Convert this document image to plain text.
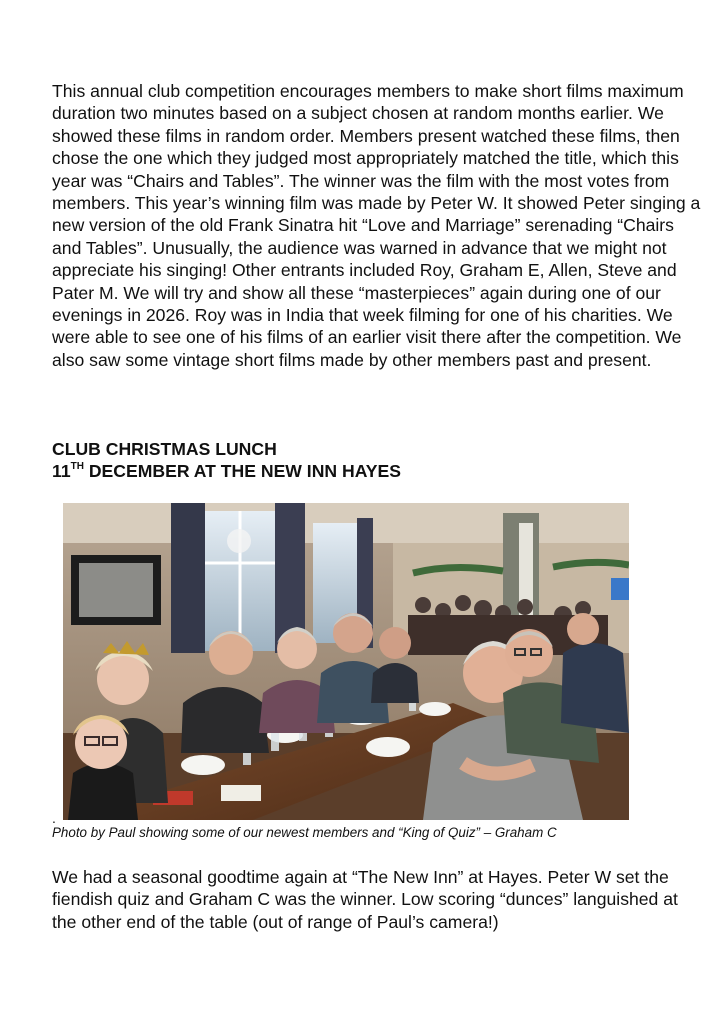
This annual club competition encourages members to make short films maximum duration two minutes based on a subject chosen at random months earlier. We showed these films in random order. Members present watched these films, then chose the one which they judged most appropriately matched the title, which this year was “Chairs and Tables”. The winner was the film with the most votes from members. This year’s winning film was made by Peter W. It showed Peter singing a new version of the old Frank Sinatra hit “Love and Marriage” serenading “Chairs and Tables”. Unusually, the audience was warned in advance that we might not appreciate his singing! Other entrants included Roy, Graham E, Allen, Steve and Pater M. We will try and show all these “masterpieces” again during one of our evenings in 2026. Roy was in India that week filming for one of his charities. We were able to see one of his films of an earlier visit there after the competition. We also saw some vintage short films made by other members past and present.

CLUB CHRISTMAS LUNCH
11TH DECEMBER AT THE NEW INN HAYES
.

Photo by Paul showing some of our newest members and “King of Quiz” – Graham C

We had a seasonal goodtime again at “The New Inn” at Hayes. Peter W set the fiendish quiz and Graham C was the winner. Low scoring “dunces” languished at the other end of the table (out of range of Paul’s camera!)
